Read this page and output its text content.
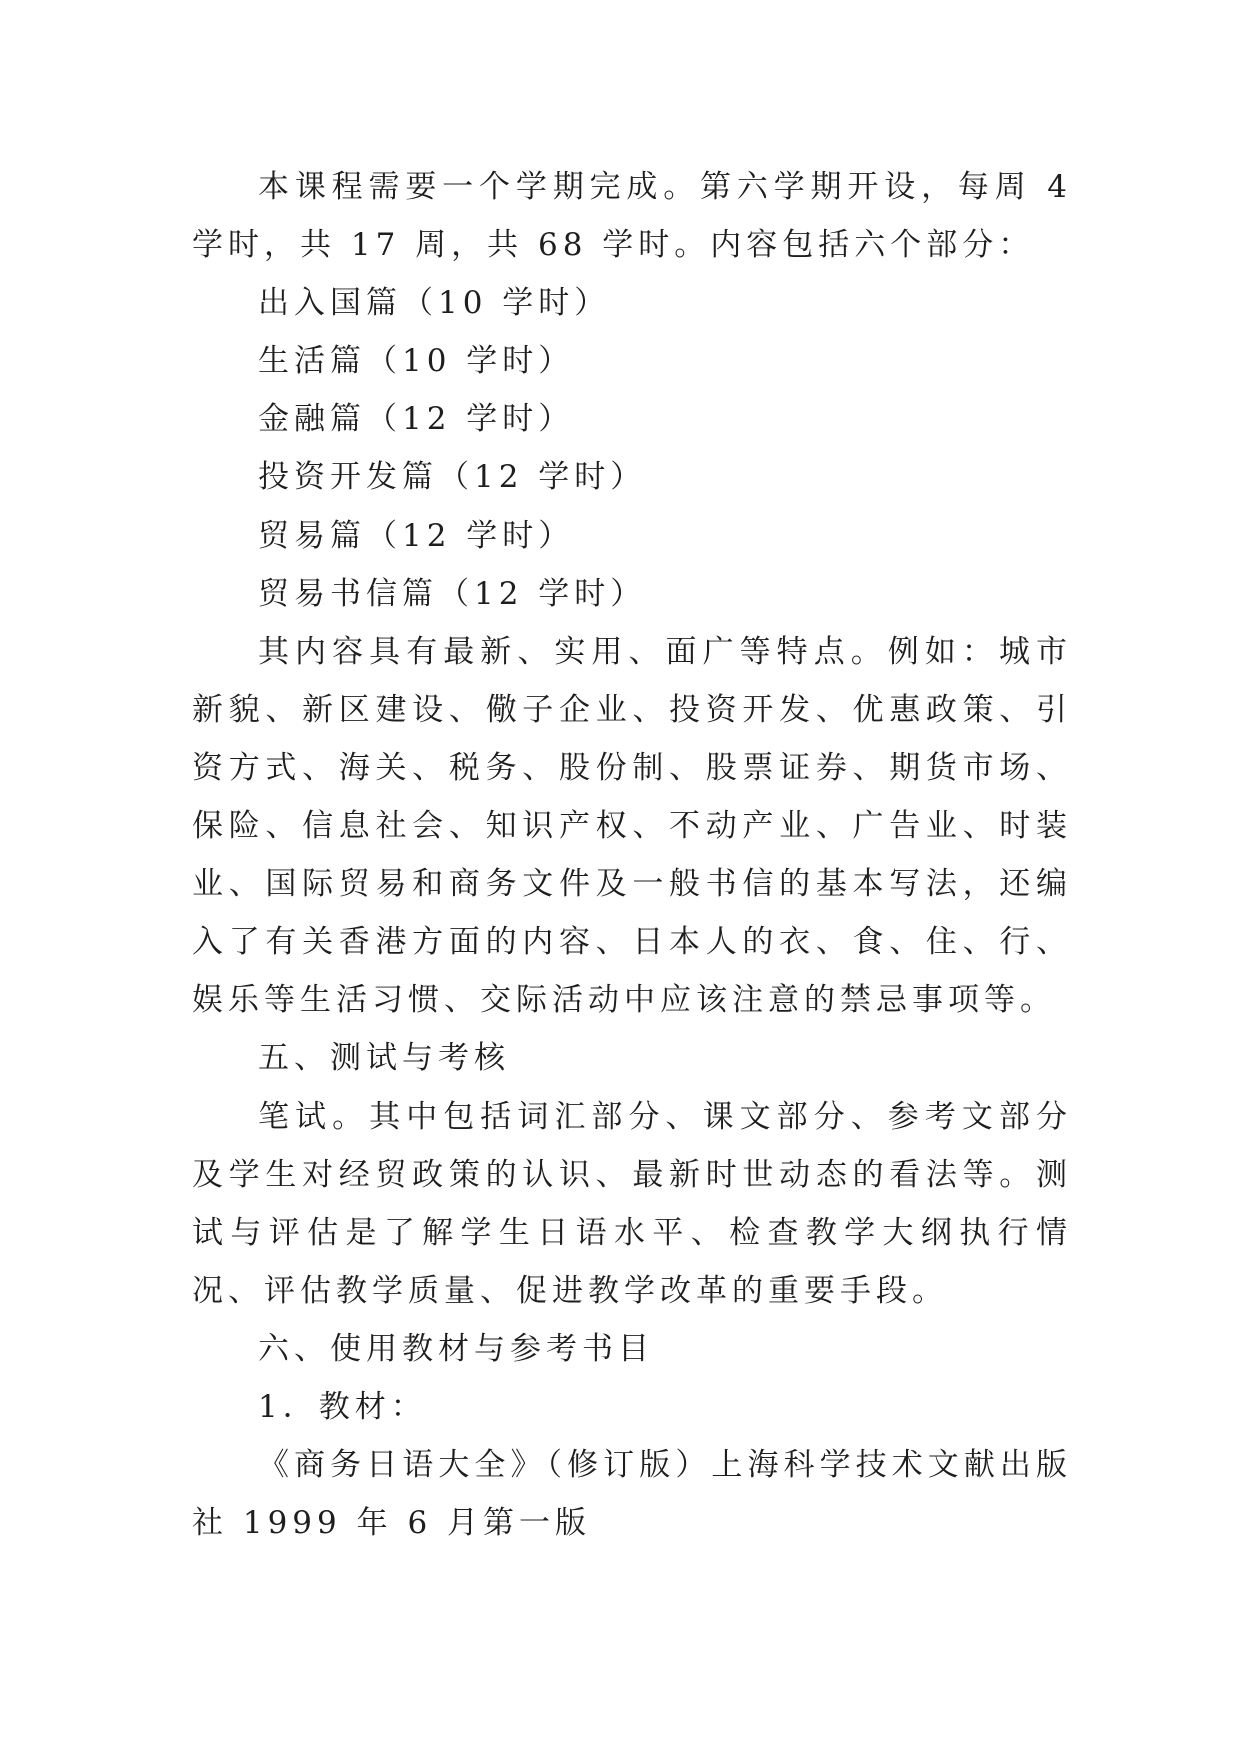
本课程需要一个学期完成。第六学期开设，每周 4 学时，共 17 周，共 68 学时。内容包括六个部分：

出入国篇（10 学时）

生活篇（10 学时）

金融篇（12 学时）

投资开发篇（12 学时）

贸易篇（12 学时）

贸易书信篇（12 学时）

其内容具有最新、实用、面广等特点。例如：城市新貌、新区建设、儆子企业、投资开发、优惠政策、引资方式、海关、税务、股份制、股票证券、期货市场、保险、信息社会、知识产权、不动产业、广告业、时装业、国际贸易和商务文件及一般书信的基本写法，还编入了有关香港方面的内容、日本人的衣、食、住、行、娱乐等生活习惯、交际活动中应该注意的禁忌事项等。

五、测试与考核

笔试。其中包括词汇部分、课文部分、参考文部分及学生对经贸政策的认识、最新时世动态的看法等。测试与评估是了解学生日语水平、检查教学大纲执行情况、评估教学质量、促进教学改革的重要手段。

六、使用教材与参考书目

1．教材：

《商务日语大全》（修订版）上海科学技术文献出版社 1999 年 6 月第一版
